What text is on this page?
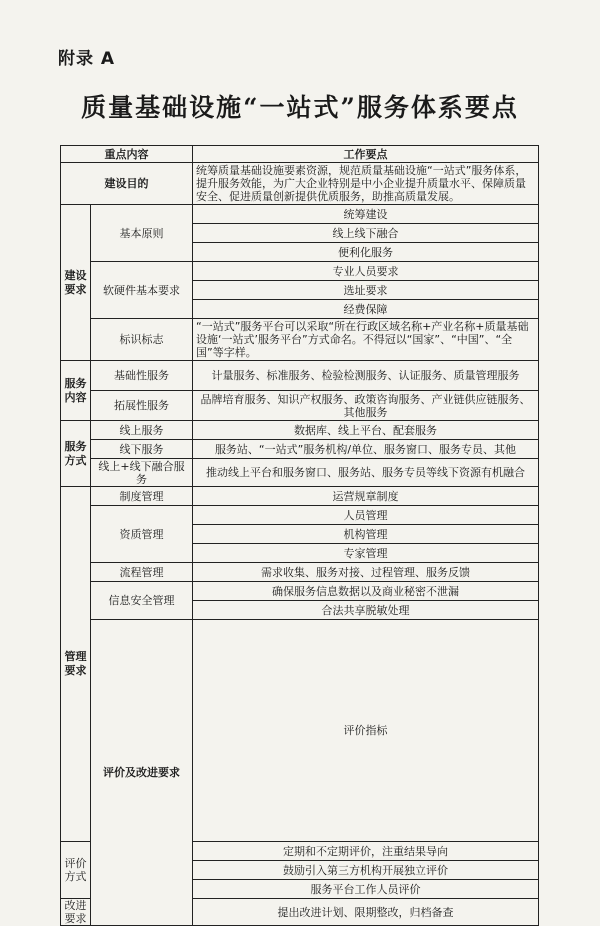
附录 A
质量基础设施“一站式”服务体系要点
重点内容		工作要点	
建设目的		统筹质量基础设施要素资源，规范质量基础设施“一站式”服务体系，提升服务效能，为广大企业特别是中小企业提升质量水平、保障质量安全、促进质量创新提供优质服务，助推高质量发展。	
建设要求	基本原则	统筹建设	
		线上线下融合	
		便利化服务	
	软硬件基本要求	专业人员要求	
		选址要求	
		经费保障	
	标识标志	“一站式”服务平台可以采取“所在行政区域名称+产业名称+质量基础设施‘一站式’服务平台”方式命名。不得冠以“国家”、“中国”、“全国”等字样。	
服务内容	基础性服务	计量服务、标准服务、检验检测服务、认证服务、质量管理服务	
	拓展性服务	品牌培育服务、知识产权服务、政策咨询服务、产业链供应链服务、其他服务	
服务方式	线上服务	数据库、线上平台、配套服务	
	线下服务	服务站、“一站式”服务机构/单位、服务窗口、服务专员、其他	
	线上+线下融合服务	推动线上平台和服务窗口、服务站、服务专员等线下资源有机融合	
管理要求	制度管理	运营规章制度	
	资质管理	人员管理	
		机构管理	
		专家管理	
	流程管理	需求收集、服务对接、过程管理、服务反馈	
	信息安全管理	确保服务信息数据以及商业秘密不泄漏	
		合法共享脱敏处理	
	评价及改进要求	评价指标	
评价方式		定期和不定期评价，注重结果导向	
		鼓励引入第三方机构开展独立评价	
		服务平台工作人员评价	
改进要求		提出改进计划、限期整改，归档备查	
